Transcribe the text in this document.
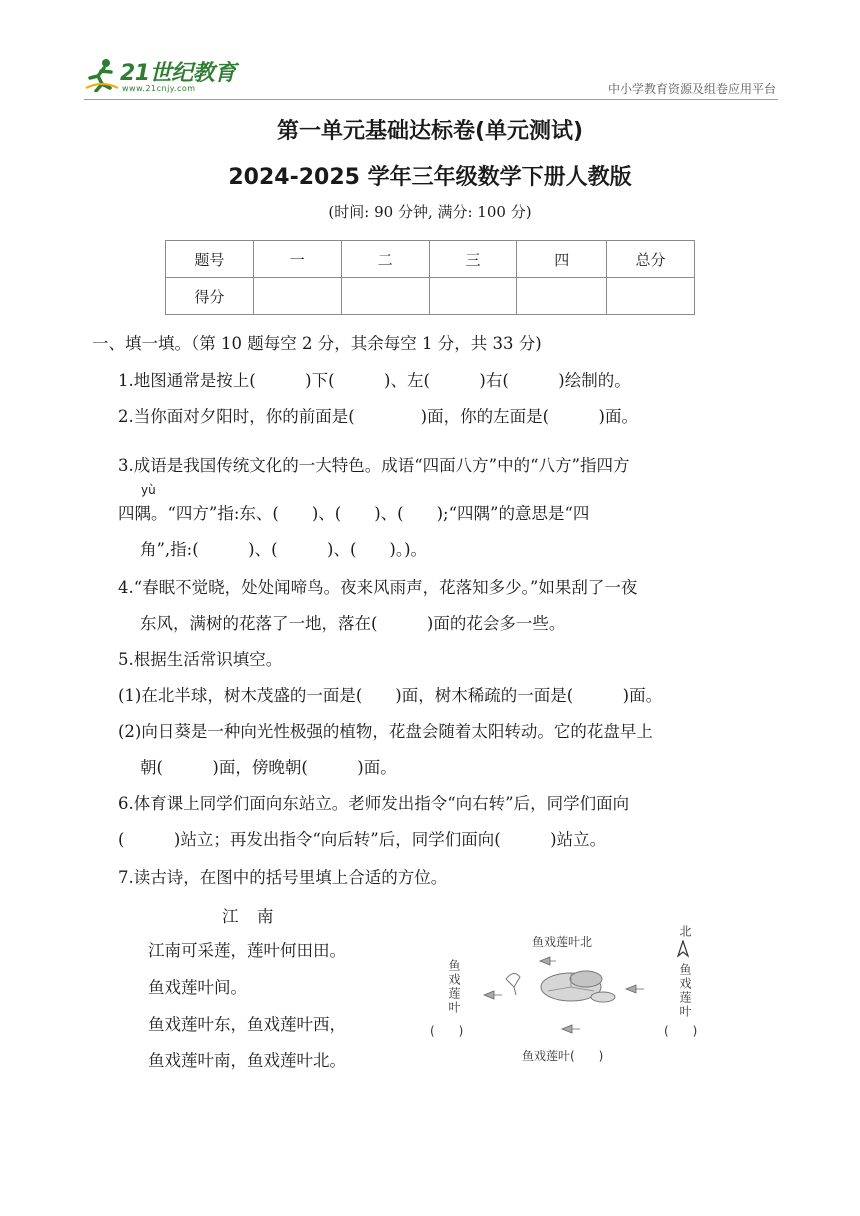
21世纪教育
www.21cnjy.com	中小学教育资源及组卷应用平台
第一单元基础达标卷(单元测试)
2024-2025 学年三年级数学下册人教版
(时间: 90 分钟, 满分: 100 分)
题号	一	二	三	四	总分
得分					
一、填一填。（第 10 题每空 2 分，其余每空 1 分，共 33 分)
1.地图通常是按上(　　　)下(　　　)、左(　　　)右(　　　)绘制的。
2.当你面对夕阳时，你的前面是(　　　　)面，你的左面是(　　　)面。
3.成语是我国传统文化的一大特色。成语“四面八方”中的“八方”指四方
yù
四隅。“四方”指:东、(　　)、(　　)、(　　);“四隅”的意思是“四
角”,指:(　　　)、(　　　)、(　　)。)。
4.“春眠不觉晓，处处闻啼鸟。夜来风雨声，花落知多少。”如果刮了一夜
东风，满树的花落了一地，落在(　　　)面的花会多一些。
5.根据生活常识填空。
(1)在北半球，树木茂盛的一面是(　　)面，树木稀疏的一面是(　　　)面。
(2)向日葵是一种向光性极强的植物，花盘会随着太阳转动。它的花盘早上
朝(　　　)面，傍晚朝(　　　)面。
6.体育课上同学们面向东站立。老师发出指令“向右转”后，同学们面向
(　　　)站立；再发出指令“向后转”后，同学们面向(　　　)站立。
7.读古诗，在图中的括号里填上合适的方位。
江　南
江南可采莲，莲叶何田田。
鱼戏莲叶间。
鱼戏莲叶东，鱼戏莲叶西，
鱼戏莲叶南，鱼戏莲叶北。
鱼戏莲叶北
北
鱼戏莲叶
(　　)
鱼戏莲叶
(　　)
鱼戏莲叶(　　)
